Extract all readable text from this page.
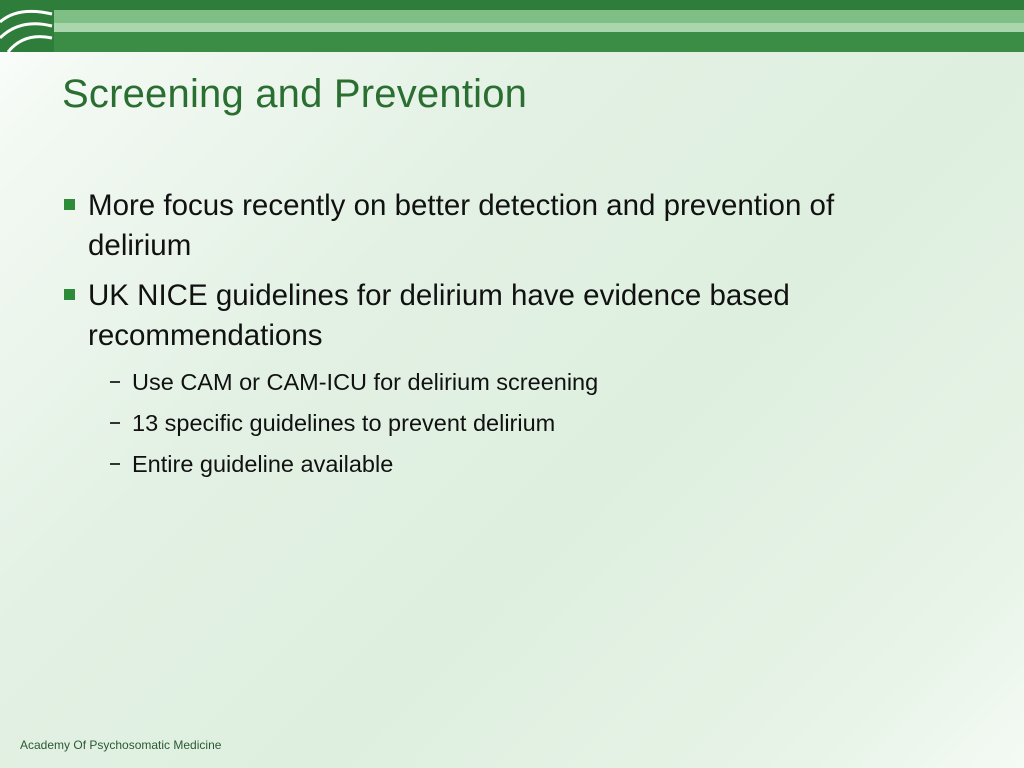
Screening and Prevention
More focus recently on better detection and prevention of delirium
UK NICE guidelines for delirium have evidence based recommendations
Use CAM or CAM-ICU for delirium screening
13 specific guidelines to prevent delirium
Entire guideline available
Academy Of Psychosomatic Medicine
